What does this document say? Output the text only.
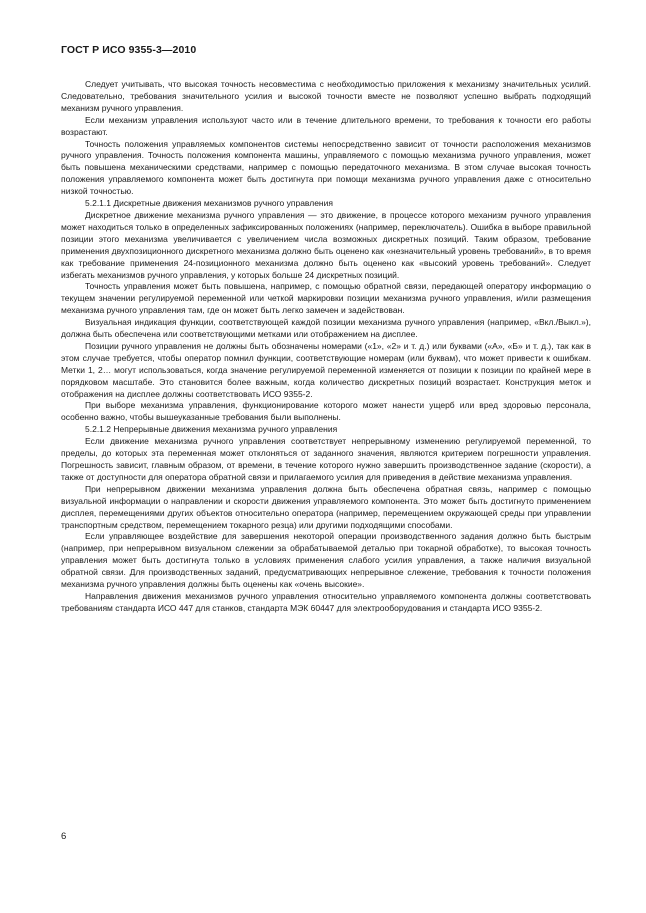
ГОСТ Р ИСО 9355-3—2010

Следует учитывать, что высокая точность несовместима с необходимостью приложения к механизму значительных усилий. Следовательно, требования значительного усилия и высокой точности вместе не позволяют успешно выбрать подходящий механизм ручного управления.

Если механизм управления используют часто или в течение длительного времени, то требования к точности его работы возрастают.

Точность положения управляемых компонентов системы непосредственно зависит от точности расположения механизмов ручного управления. Точность положения компонента машины, управляемого с помощью механизма ручного управления, может быть повышена механическими средствами, например с помощью передаточного механизма. В этом случае высокая точность положения управляемого компонента может быть достигнута при помощи механизма ручного управления даже с относительно низкой точностью.

5.2.1.1 Дискретные движения механизмов ручного управления

Дискретное движение механизма ручного управления — это движение, в процессе которого механизм ручного управления может находиться только в определенных зафиксированных положениях (например, переключатель). Ошибка в выборе правильной позиции этого механизма увеличивается с увеличением числа возможных дискретных позиций. Таким образом, требование применения двухпозиционного дискретного механизма должно быть оценено как «незначительный уровень требований», в то время как требование применения 24-позиционного механизма должно быть оценено как «высокий уровень требований». Следует избегать механизмов ручного управления, у которых больше 24 дискретных позиций.

Точность управления может быть повышена, например, с помощью обратной связи, передающей оператору информацию о текущем значении регулируемой переменной или четкой маркировки позиции механизма ручного управления, и/или размещения механизма ручного управления там, где он может быть легко замечен и задействован.

Визуальная индикация функции, соответствующей каждой позиции механизма ручного управления (например, «Вкл./Выкл.»), должна быть обеспечена или соответствующими метками или отображением на дисплее.

Позиции ручного управления не должны быть обозначены номерами («1», «2» и т. д.) или буквами («А», «Б» и т. д.), так как в этом случае требуется, чтобы оператор помнил функции, соответствующие номерам (или буквам), что может привести к ошибкам. Метки 1, 2… могут использоваться, когда значение регулируемой переменной изменяется от позиции к позиции по крайней мере в порядковом масштабе. Это становится более важным, когда количество дискретных позиций возрастает. Конструкция меток и отображения на дисплее должны соответствовать ИСО 9355-2.

При выборе механизма управления, функционирование которого может нанести ущерб или вред здоровью персонала, особенно важно, чтобы вышеуказанные требования были выполнены.

5.2.1.2 Непрерывные движения механизма ручного управления

Если движение механизма ручного управления соответствует непрерывному изменению регулируемой переменной, то пределы, до которых эта переменная может отклоняться от заданного значения, являются критерием погрешности управления. Погрешность зависит, главным образом, от времени, в течение которого нужно завершить производственное задание (скорости), а также от доступности для оператора обратной связи и прилагаемого усилия для приведения в действие механизма управления.

При непрерывном движении механизма управления должна быть обеспечена обратная связь, например с помощью визуальной информации о направлении и скорости движения управляемого компонента. Это может быть достигнуто применением дисплея, перемещениями других объектов относительно оператора (например, перемещением окружающей среды при управлении транспортным средством, перемещением токарного резца) или другими подходящими способами.

Если управляющее воздействие для завершения некоторой операции производственного задания должно быть быстрым (например, при непрерывном визуальном слежении за обрабатываемой деталью при токарной обработке), то высокая точность управления может быть достигнута только в условиях применения слабого усилия управления, а также наличия визуальной обратной связи. Для производственных заданий, предусматривающих непрерывное слежение, требования к точности положения механизма ручного управления должны быть оценены как «очень высокие».

Направления движения механизмов ручного управления относительно управляемого компонента должны соответствовать требованиям стандарта ИСО 447 для станков, стандарта МЭК 60447 для электрооборудования и стандарта ИСО 9355-2.

6
